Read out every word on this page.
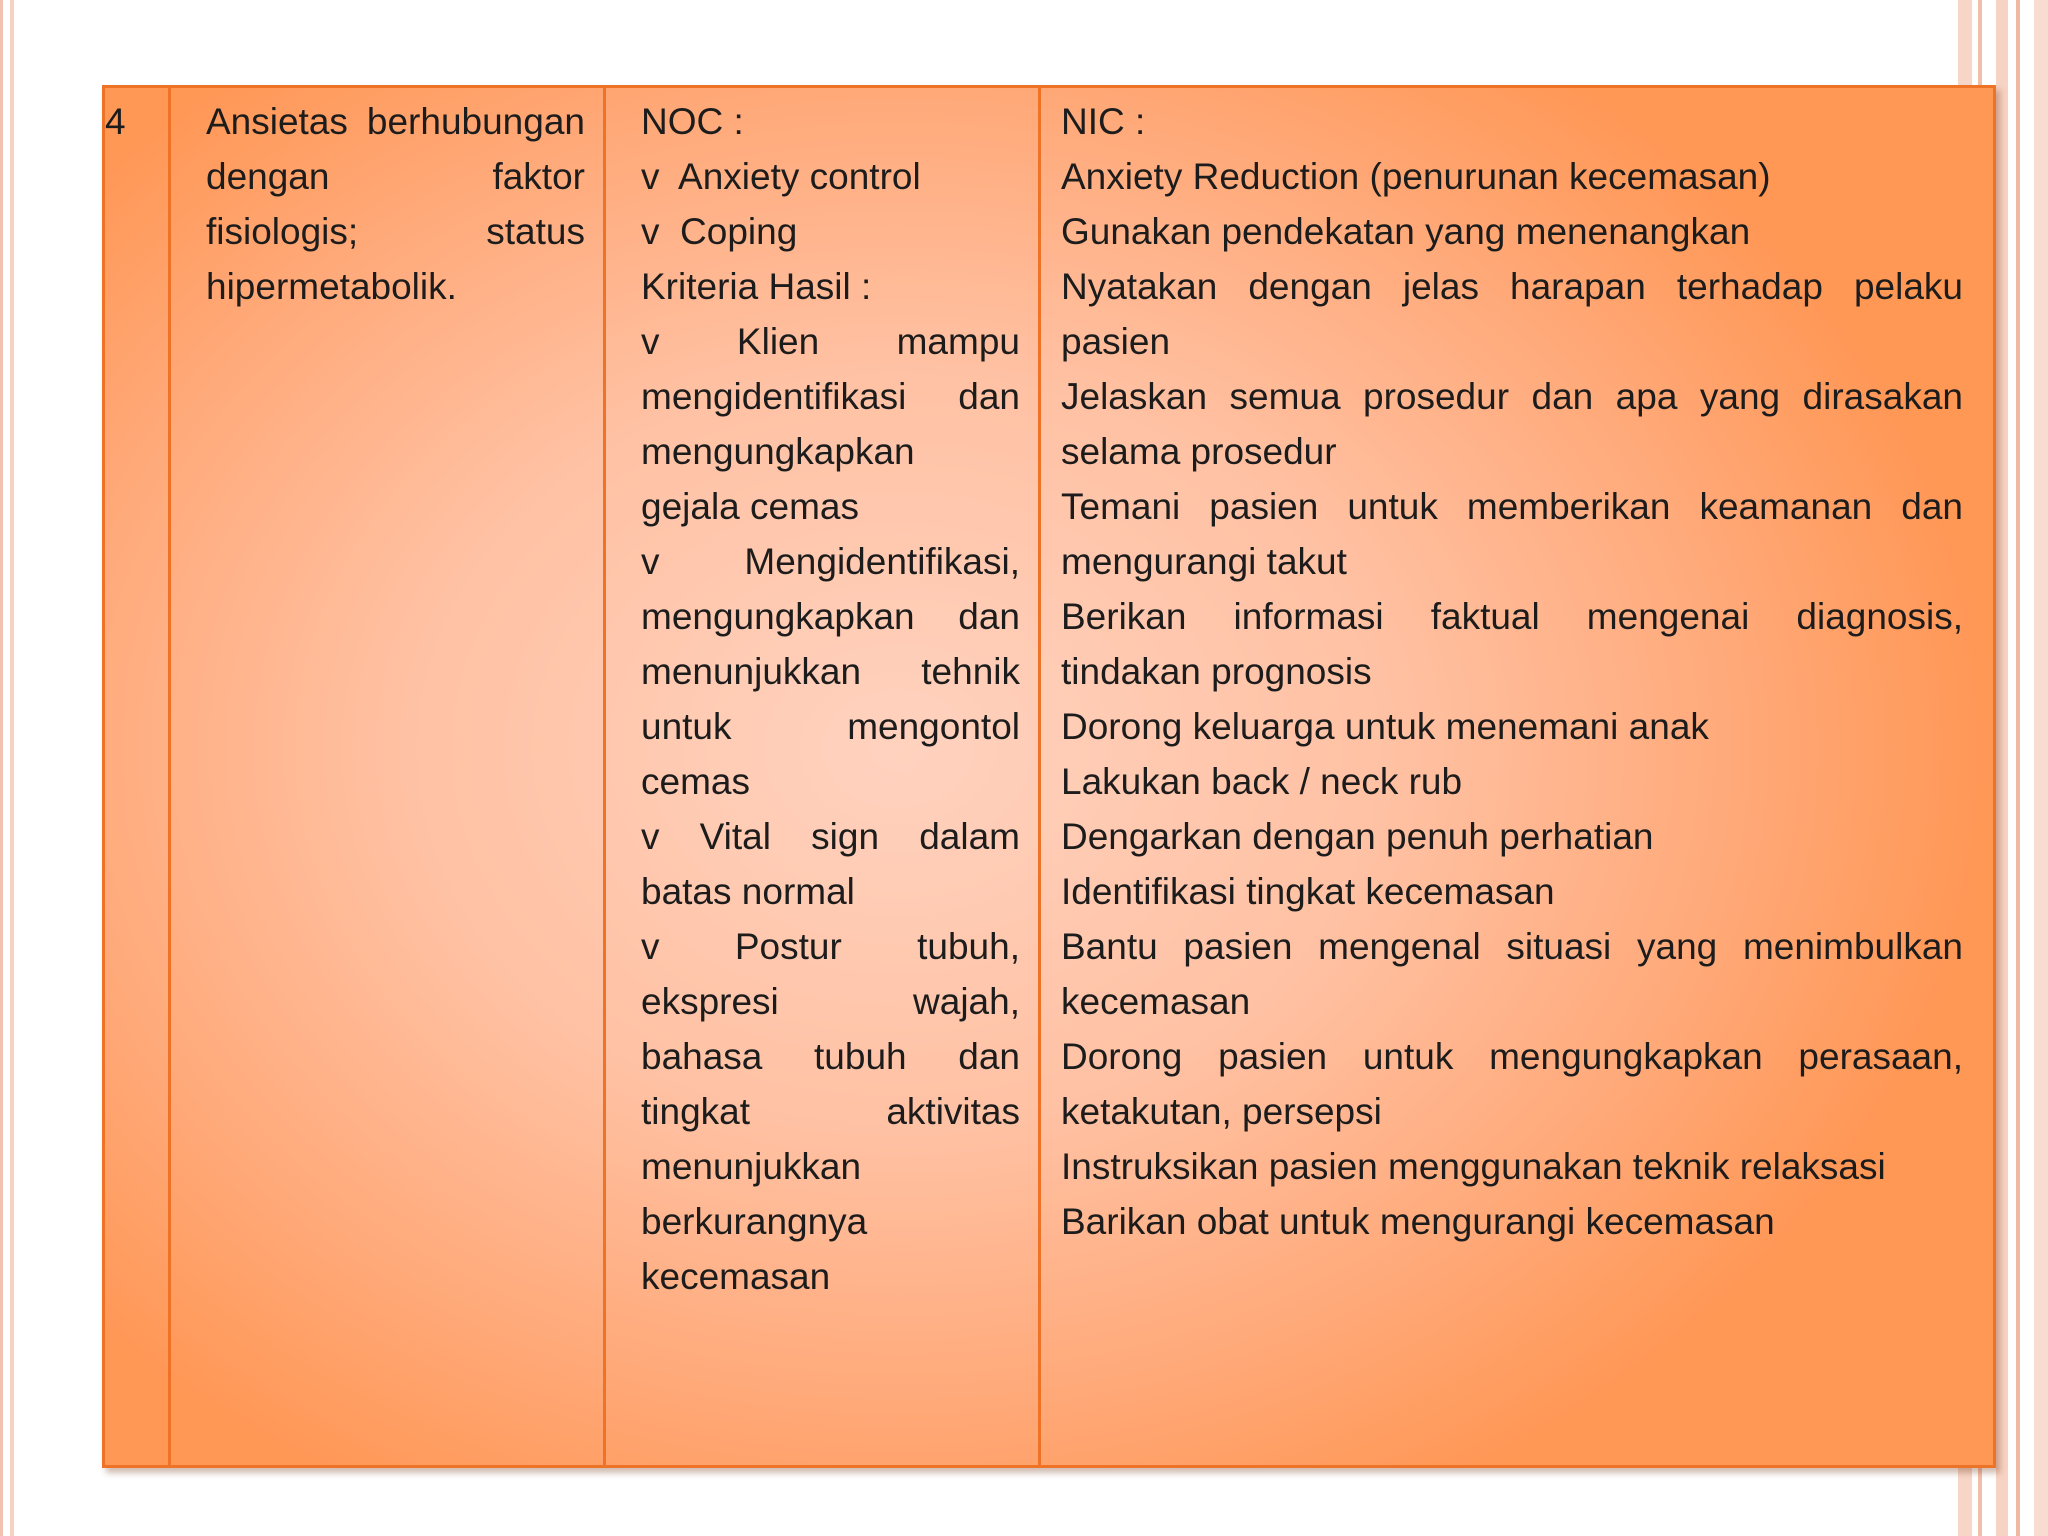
4	Ansietas berhubungan dengan faktor fisiologis; status hipermetabolik.
NOC :
v  Anxiety control
v  Coping
Kriteria Hasil :
v Klien mampu mengidentifikasi dan mengungkapkan gejala cemas
v Mengidentifikasi, mengungkapkan dan menunjukkan tehnik untuk mengontol cemas
v Vital sign dalam batas normal
v Postur tubuh, ekspresi wajah, bahasa tubuh dan tingkat aktivitas menunjukkan berkurangnya kecemasan
NIC :
Anxiety Reduction (penurunan kecemasan)
Gunakan pendekatan yang menenangkan
Nyatakan dengan jelas harapan terhadap pelaku pasien
Jelaskan semua prosedur dan apa yang dirasakan selama prosedur
Temani pasien untuk memberikan keamanan dan mengurangi takut
Berikan informasi faktual mengenai diagnosis, tindakan prognosis
Dorong keluarga untuk menemani anak
Lakukan back / neck rub
Dengarkan dengan penuh perhatian
Identifikasi tingkat kecemasan
Bantu pasien mengenal situasi yang menimbulkan kecemasan
Dorong pasien untuk mengungkapkan perasaan, ketakutan, persepsi
Instruksikan pasien menggunakan teknik relaksasi
Barikan obat untuk mengurangi kecemasan
